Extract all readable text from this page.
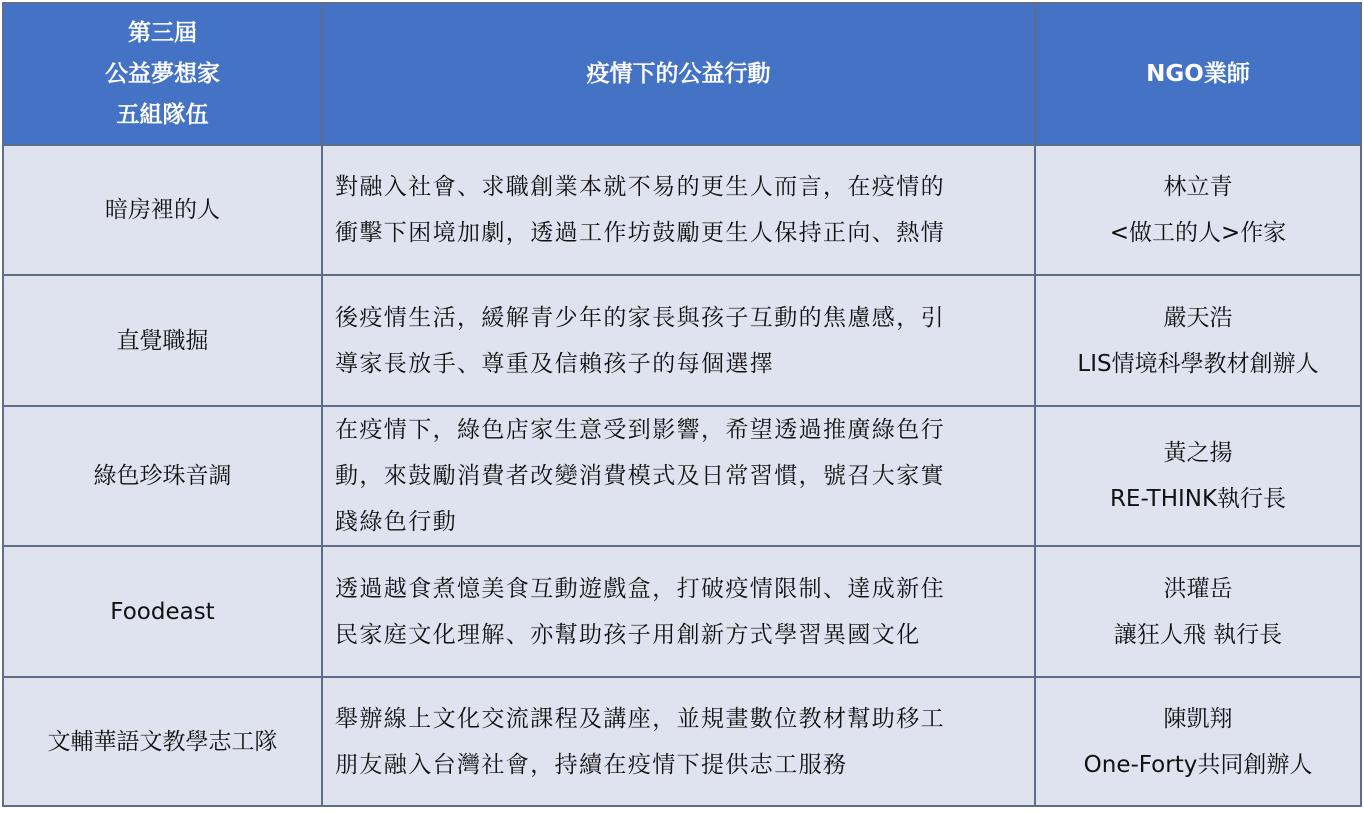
第三屆
公益夢想家
五組隊伍	疫情下的公益行動	NGO業師
暗房裡的人	對融入社會、求職創業本就不易的更生人而言，在疫情的
衝擊下困境加劇，透過工作坊鼓勵更生人保持正向、熱情	林立青
<做工的人>作家

直覺職掘	後疫情生活，緩解青少年的家長與孩子互動的焦慮感，引
導家長放手、尊重及信賴孩子的每個選擇	嚴天浩
LIS情境科學教材創辦人

綠色珍珠音調	在疫情下，綠色店家生意受到影響，希望透過推廣綠色行
動，來鼓勵消費者改變消費模式及日常習慣，號召大家實
踐綠色行動	黃之揚
RE-THINK執行長

Foodeast	透過越食煮憶美食互動遊戲盒，打破疫情限制、達成新住
民家庭文化理解、亦幫助孩子用創新方式學習異國文化	洪瓘岳
讓狂人飛 執行長

文輔華語文教學志工隊	舉辦線上文化交流課程及講座，並規畫數位教材幫助移工
朋友融入台灣社會，持續在疫情下提供志工服務	陳凱翔
One-Forty共同創辦人
